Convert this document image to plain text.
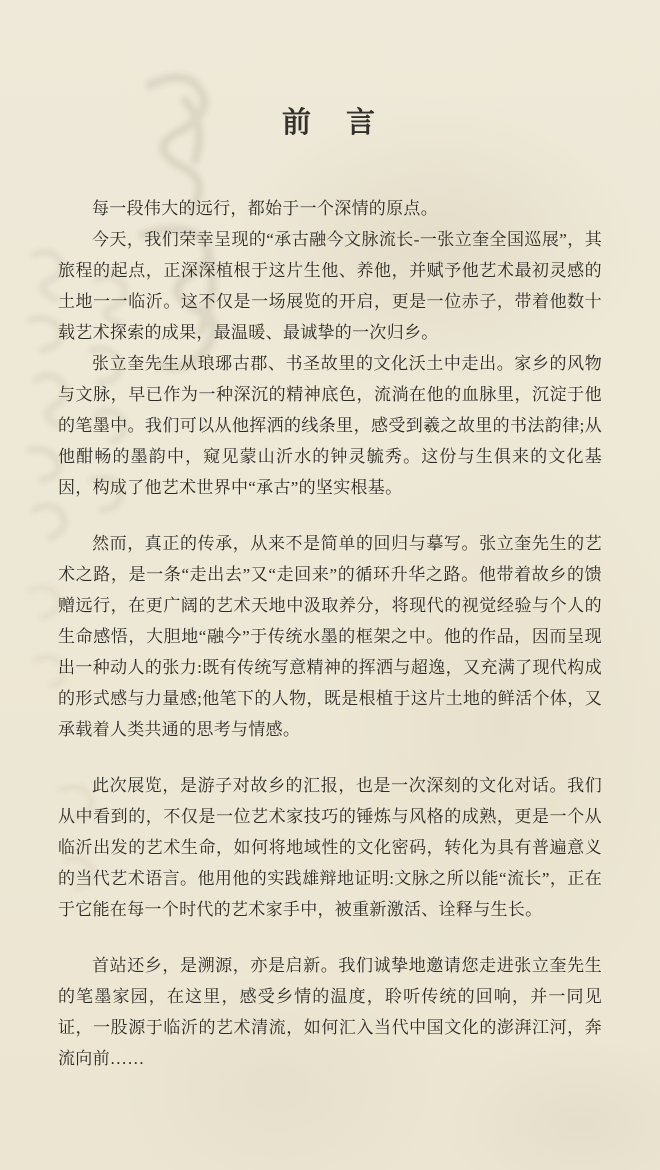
前　言

每一段伟大的远行，都始于一个深情的原点。

今天，我们荣幸呈现的“承古融今文脉流长-一张立奎全国巡展”，其旅程的起点，正深深植根于这片生他、养他，并赋予他艺术最初灵感的土地一一临沂。这不仅是一场展览的开启，更是一位赤子，带着他数十载艺术探索的成果，最温暖、最诚挚的一次归乡。

张立奎先生从琅琊古郡、书圣故里的文化沃土中走出。家乡的风物与文脉，早已作为一种深沉的精神底色，流淌在他的血脉里，沉淀于他的笔墨中。我们可以从他挥洒的线条里，感受到羲之故里的书法韵律;从他酣畅的墨韵中，窥见蒙山沂水的钟灵毓秀。这份与生俱来的文化基因，构成了他艺术世界中“承古”的坚实根基。

然而，真正的传承，从来不是简单的回归与摹写。张立奎先生的艺术之路，是一条“走出去”又“走回来”的循环升华之路。他带着故乡的馈赠远行，在更广阔的艺术天地中汲取养分，将现代的视觉经验与个人的生命感悟，大胆地“融今”于传统水墨的框架之中。他的作品，因而呈现出一种动人的张力:既有传统写意精神的挥洒与超逸，又充满了现代构成的形式感与力量感;他笔下的人物，既是根植于这片土地的鲜活个体，又承载着人类共通的思考与情感。

此次展览，是游子对故乡的汇报，也是一次深刻的文化对话。我们从中看到的，不仅是一位艺术家技巧的锤炼与风格的成熟，更是一个从临沂出发的艺术生命，如何将地域性的文化密码，转化为具有普遍意义的当代艺术语言。他用他的实践雄辩地证明:文脉之所以能“流长”，正在于它能在每一个时代的艺术家手中，被重新激活、诠释与生长。

首站还乡，是溯源，亦是启新。我们诚挚地邀请您走进张立奎先生的笔墨家园，在这里，感受乡情的温度，聆听传统的回响，并一同见证，一股源于临沂的艺术清流，如何汇入当代中国文化的澎湃江河，奔流向前……
